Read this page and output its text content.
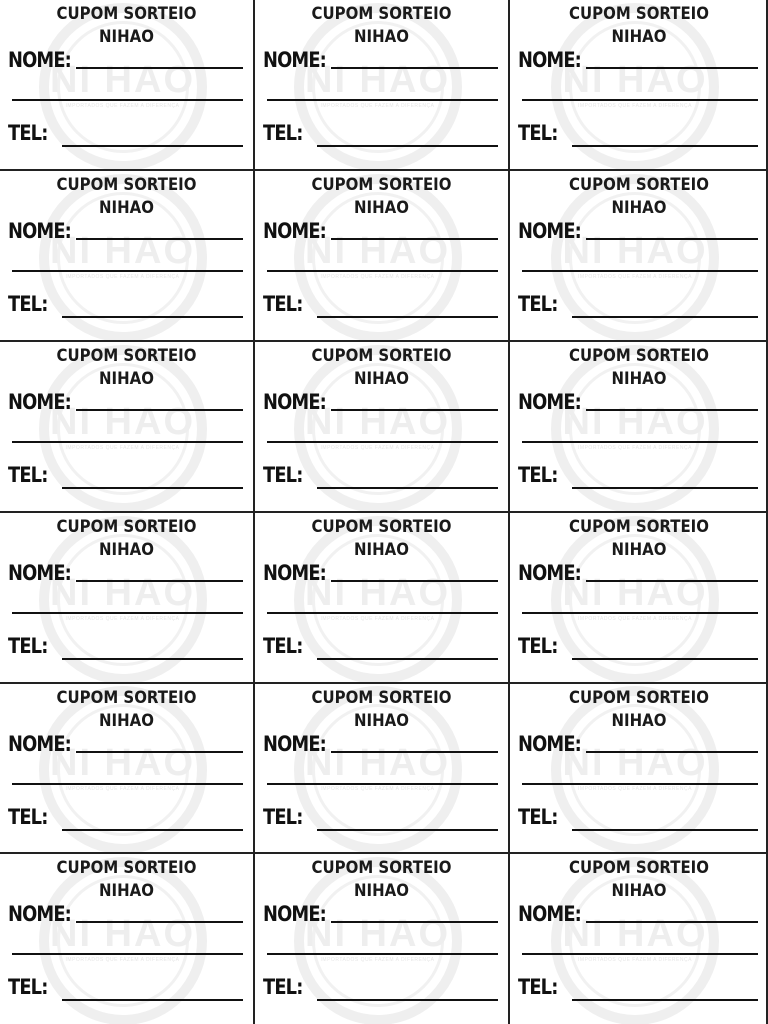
NI HAO
IMPORTADOS QUE FAZEM A DIFERENÇA
CUPOM SORTEIO
NIHAO
NOME:
TEL:
NI HAO
IMPORTADOS QUE FAZEM A DIFERENÇA
CUPOM SORTEIO
NIHAO
NOME:
TEL:
NI HAO
IMPORTADOS QUE FAZEM A DIFERENÇA
CUPOM SORTEIO
NIHAO
NOME:
TEL:
NI HAO
IMPORTADOS QUE FAZEM A DIFERENÇA
CUPOM SORTEIO
NIHAO
NOME:
TEL:
NI HAO
IMPORTADOS QUE FAZEM A DIFERENÇA
CUPOM SORTEIO
NIHAO
NOME:
TEL:
NI HAO
IMPORTADOS QUE FAZEM A DIFERENÇA
CUPOM SORTEIO
NIHAO
NOME:
TEL:
NI HAO
IMPORTADOS QUE FAZEM A DIFERENÇA
CUPOM SORTEIO
NIHAO
NOME:
TEL:
NI HAO
IMPORTADOS QUE FAZEM A DIFERENÇA
CUPOM SORTEIO
NIHAO
NOME:
TEL:
NI HAO
IMPORTADOS QUE FAZEM A DIFERENÇA
CUPOM SORTEIO
NIHAO
NOME:
TEL:
NI HAO
IMPORTADOS QUE FAZEM A DIFERENÇA
CUPOM SORTEIO
NIHAO
NOME:
TEL:
NI HAO
IMPORTADOS QUE FAZEM A DIFERENÇA
CUPOM SORTEIO
NIHAO
NOME:
TEL:
NI HAO
IMPORTADOS QUE FAZEM A DIFERENÇA
CUPOM SORTEIO
NIHAO
NOME:
TEL:
NI HAO
IMPORTADOS QUE FAZEM A DIFERENÇA
CUPOM SORTEIO
NIHAO
NOME:
TEL:
NI HAO
IMPORTADOS QUE FAZEM A DIFERENÇA
CUPOM SORTEIO
NIHAO
NOME:
TEL:
NI HAO
IMPORTADOS QUE FAZEM A DIFERENÇA
CUPOM SORTEIO
NIHAO
NOME:
TEL:
NI HAO
IMPORTADOS QUE FAZEM A DIFERENÇA
CUPOM SORTEIO
NIHAO
NOME:
TEL:
NI HAO
IMPORTADOS QUE FAZEM A DIFERENÇA
CUPOM SORTEIO
NIHAO
NOME:
TEL:
NI HAO
IMPORTADOS QUE FAZEM A DIFERENÇA
CUPOM SORTEIO
NIHAO
NOME:
TEL:
